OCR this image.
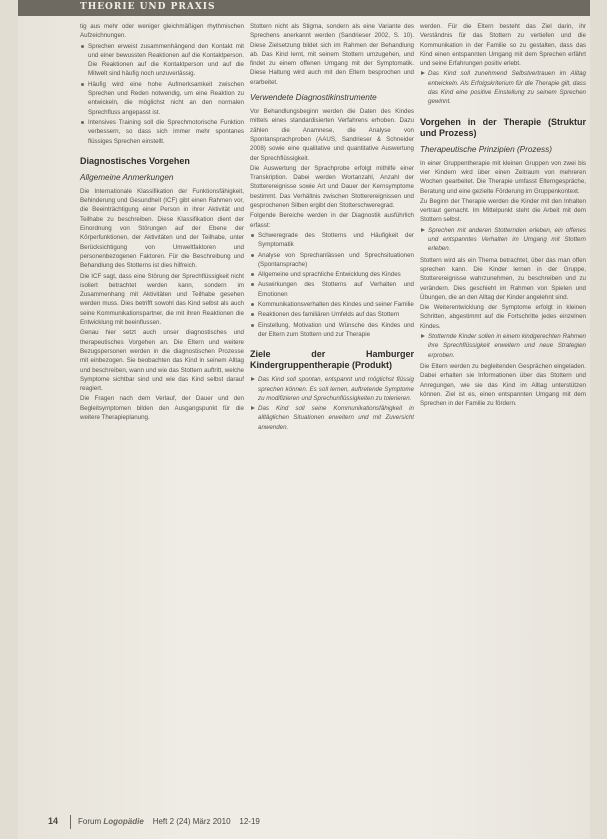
THEORIE UND PRAXIS

tig aus mehr oder weniger gleichmäßigen rhythmischen Aufzeichnungen.

Sprechen erweist zusammenhängend den Kontakt mit und einer bewussten Reaktionen auf die Kontaktperson. Die Reaktionen auf die Kontaktperson und auf die Mitwelt sind häufig noch unzuverlässig.
Häufig wird eine hohe Aufmerksamkeit zwischen Sprechen und Reden notwendig, um eine Reaktion zu entwickeln, die möglichst nicht an den normalen Sprechfluss angepasst ist.
Intensives Training soll die Sprechmotorische Funktion verbessern, so dass sich immer mehr spontanes flüssiges Sprechen einstellt.
Diagnostisches Vorgehen
Allgemeine Anmerkungen

Die Internationale Klassifikation der Funktionsfähigkeit, Behinderung und Gesundheit (ICF) gibt einen Rahmen vor, die Beeinträchtigung einer Person in ihrer Aktivität und Teilhabe zu beschreiben. Diese Klassifikation dient der Einordnung von Störungen auf der Ebene der Körperfunktionen, der Aktivitäten und der Teilhabe, unter Berücksichtigung von Umweltfaktoren und personenbezogenen Faktoren. Für die Beschreibung und Behandlung des Stotterns ist dies hilfreich.

Die ICF sagt, dass eine Störung der Sprechflüssigkeit nicht isoliert betrachtet werden kann, sondern im Zusammenhang mit Aktivitäten und Teilhabe gesehen werden muss. Dies betrifft sowohl das Kind selbst als auch seine Kommunikationspartner, die mit ihren Reaktionen die Entwicklung mit beeinflussen.

Genau hier setzt auch unser diagnostisches und therapeutisches Vorgehen an. Die Eltern und weitere Bezugspersonen werden in die diagnostischen Prozesse mit einbezogen. Sie beobachten das Kind in seinem Alltag und beschreiben, wann und wie das Stottern auftritt, welche Symptome sichtbar sind und wie das Kind selbst darauf reagiert.

Die Fragen nach dem Verlauf, der Dauer und den Begleitsymptomen bilden den Ausgangspunkt für die weitere Therapieplanung.

Stottern nicht als Stigma, sondern als eine Variante des Sprechens anerkannt werden (Sandrieser 2002, S. 10). Diese Zielsetzung bildet sich im Rahmen der Behandlung ab. Das Kind lernt, mit seinem Stottern umzugehen, und findet zu einem offenen Umgang mit der Symptomatik. Diese Haltung wird auch mit den Eltern besprochen und erarbeitet.

Verwendete Diagnostikinstrumente

Vor Behandlungsbeginn werden die Daten des Kindes mittels eines standardisierten Verfahrens erhoben. Dazu zählen die Anamnese, die Analyse von Spontansprachproben (AAUS, Sandrieser & Schneider 2008) sowie eine qualitative und quantitative Auswertung der Sprechflüssigkeit.

Die Auswertung der Sprachprobe erfolgt mithilfe einer Transkription. Dabei werden Wortanzahl, Anzahl der Stotterereignisse sowie Art und Dauer der Kernsymptome bestimmt. Das Verhältnis zwischen Stotterereignissen und gesprochenen Silben ergibt den Stotterschweregrad.

Folgende Bereiche werden in der Diagnostik ausführlich erfasst:

Schweregrade des Stotterns und Häufigkeit der Symptomatik
Analyse von Sprechanlässen und Sprechsituationen (Spontansprache)
Allgemeine und sprachliche Entwicklung des Kindes
Auswirkungen des Stotterns auf Verhalten und Emotionen
Kommunikationsverhalten des Kindes und seiner Familie
Reaktionen des familiären Umfelds auf das Stottern
Einstellung, Motivation und Wünsche des Kindes und der Eltern zum Stottern und zur Therapie
Ziele der Hamburger Kindergruppentherapie (Produkt)
Das Kind soll spontan, entspannt und möglichst flüssig sprechen können. Es soll lernen, auftretende Symptome zu modifizieren und Sprechunflüssigkeiten zu tolerieren.
Das Kind soll seine Kommunikationsfähigkeit in alltäglichen Situationen erweitern und mit Zuversicht anwenden.

werden. Für die Eltern besteht das Ziel darin, ihr Verständnis für das Stottern zu vertiefen und die Kommunikation in der Familie so zu gestalten, dass das Kind einen entspannten Umgang mit dem Sprechen erfährt und seine Erfahrungen positiv erlebt.

Das Kind soll zunehmend Selbstvertrauen im Alltag entwickeln. Als Erfolgskriterium für die Therapie gilt, dass das Kind eine positive Einstellung zu seinem Sprechen gewinnt.
Vorgehen in der Therapie (Struktur und Prozess)
Therapeutische Prinzipien (Prozess)

In einer Gruppentherapie mit kleinen Gruppen von zwei bis vier Kindern wird über einen Zeitraum von mehreren Wochen gearbeitet. Die Therapie umfasst Elterngespräche, Beratung und eine gezielte Förderung im Gruppenkontext.

Zu Beginn der Therapie werden die Kinder mit den Inhalten vertraut gemacht. Im Mittelpunkt steht die Arbeit mit dem Stottern selbst.

Sprechen mit anderen Stotternden erleben, ein offenes und entspanntes Verhalten im Umgang mit Stottern erleben.

Stottern wird als ein Thema betrachtet, über das man offen sprechen kann. Die Kinder lernen in der Gruppe, Stotterereignisse wahrzunehmen, zu beschreiben und zu verändern. Dies geschieht im Rahmen von Spielen und Übungen, die an den Alltag der Kinder angelehnt sind.

Die Weiterentwicklung der Symptome erfolgt in kleinen Schritten, abgestimmt auf die Fortschritte jedes einzelnen Kindes.

Stotternde Kinder sollen in einem kindgerechten Rahmen ihre Sprechflüssigkeit erweitern und neue Strategien erproben.

Die Eltern werden zu begleitenden Gesprächen eingeladen. Dabei erhalten sie Informationen über das Stottern und Anregungen, wie sie das Kind im Alltag unterstützen können. Ziel ist es, einen entspannten Umgang mit dem Sprechen in der Familie zu fördern.

14 Forum Logopädie Heft 2 (24) März 2010 12-19
